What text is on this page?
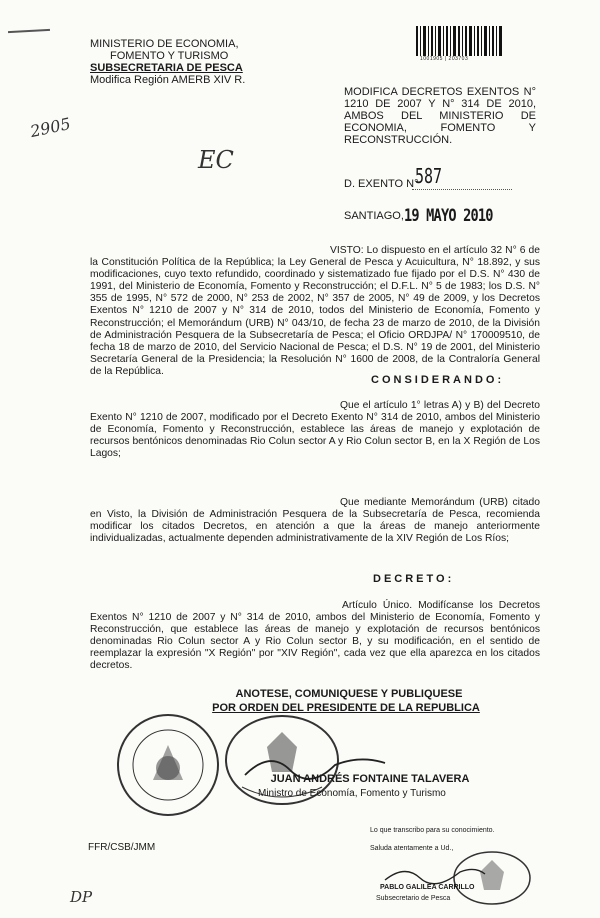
2905
EC
MINISTERIO DE ECONOMIA,
FOMENTO Y TURISMO
SUBSECRETARIA DE PESCA
Modifica Región AMERB XIV R.
1001905 | 203703
MODIFICA DECRETOS EXENTOS N° 1210 DE 2007 Y N° 314 DE 2010, AMBOS DEL MINISTERIO DE ECONOMIA, FOMENTO Y RECONSTRUCCIÓN.
D. EXENTO N°
587
SANTIAGO, 19 MAYO 2010
VISTO: Lo dispuesto en el artículo 32 N° 6 de la Constitución Política de la República; la Ley General de Pesca y Acuicultura, N° 18.892, y sus modificaciones, cuyo texto refundido, coordinado y sistematizado fue fijado por el D.S. N° 430 de 1991, del Ministerio de Economía, Fomento y Reconstrucción; el D.F.L. N° 5 de 1983; los D.S. N° 355 de 1995, N° 572 de 2000, N° 253 de 2002, N° 357 de 2005, N° 49 de 2009, y los Decretos Exentos N° 1210 de 2007 y N° 314 de 2010, todos del Ministerio de Economía, Fomento y Reconstrucción; el Memorándum (URB) N° 043/10, de fecha 23 de marzo de 2010, de la División de Administración Pesquera de la Subsecretaría de Pesca; el Oficio ORDJPA/ N° 170009510, de fecha 18 de marzo de 2010, del Servicio Nacional de Pesca; el D.S. N° 19 de 2001, del Ministerio Secretaría General de la Presidencia; la Resolución N° 1600 de 2008, de la Contraloría General de la República.
CONSIDERANDO:
Que el artículo 1° letras A) y B) del Decreto Exento N° 1210 de 2007, modificado por el Decreto Exento N° 314 de 2010, ambos del Ministerio de Economía, Fomento y Reconstrucción, establece las áreas de manejo y explotación de recursos bentónicos denominadas Rio Colun sector A y Rio Colun sector B, en la X Región de Los Lagos;
Que mediante Memorándum (URB) citado en Visto, la División de Administración Pesquera de la Subsecretaría de Pesca, recomienda modificar los citados Decretos, en atención a que la áreas de manejo anteriormente individualizadas, actualmente dependen administrativamente de la XIV Región de Los Ríos;
DECRETO:
Artículo Único. Modifícanse los Decretos Exentos N° 1210 de 2007 y N° 314 de 2010, ambos del Ministerio de Economía, Fomento y Reconstrucción, que establece las áreas de manejo y explotación de recursos bentónicos denominadas Rio Colun sector A y Rio Colun sector B, y su modificación, en el sentido de reemplazar la expresión "X Región" por "XIV Región", cada vez que ella aparezca en los citados decretos.
ANOTESE, COMUNIQUESE Y PUBLIQUESE
POR ORDEN DEL PRESIDENTE DE LA REPUBLICA
JUAN ANDRÉS FONTAINE TALAVERA
Ministro de Economía, Fomento y Turismo
FFR/CSB/JMM
Lo que transcribo para su conocimiento.
Saluda atentamente a Ud.,
PABLO GALILEA CARRILLO
Subsecretario de Pesca
DP
